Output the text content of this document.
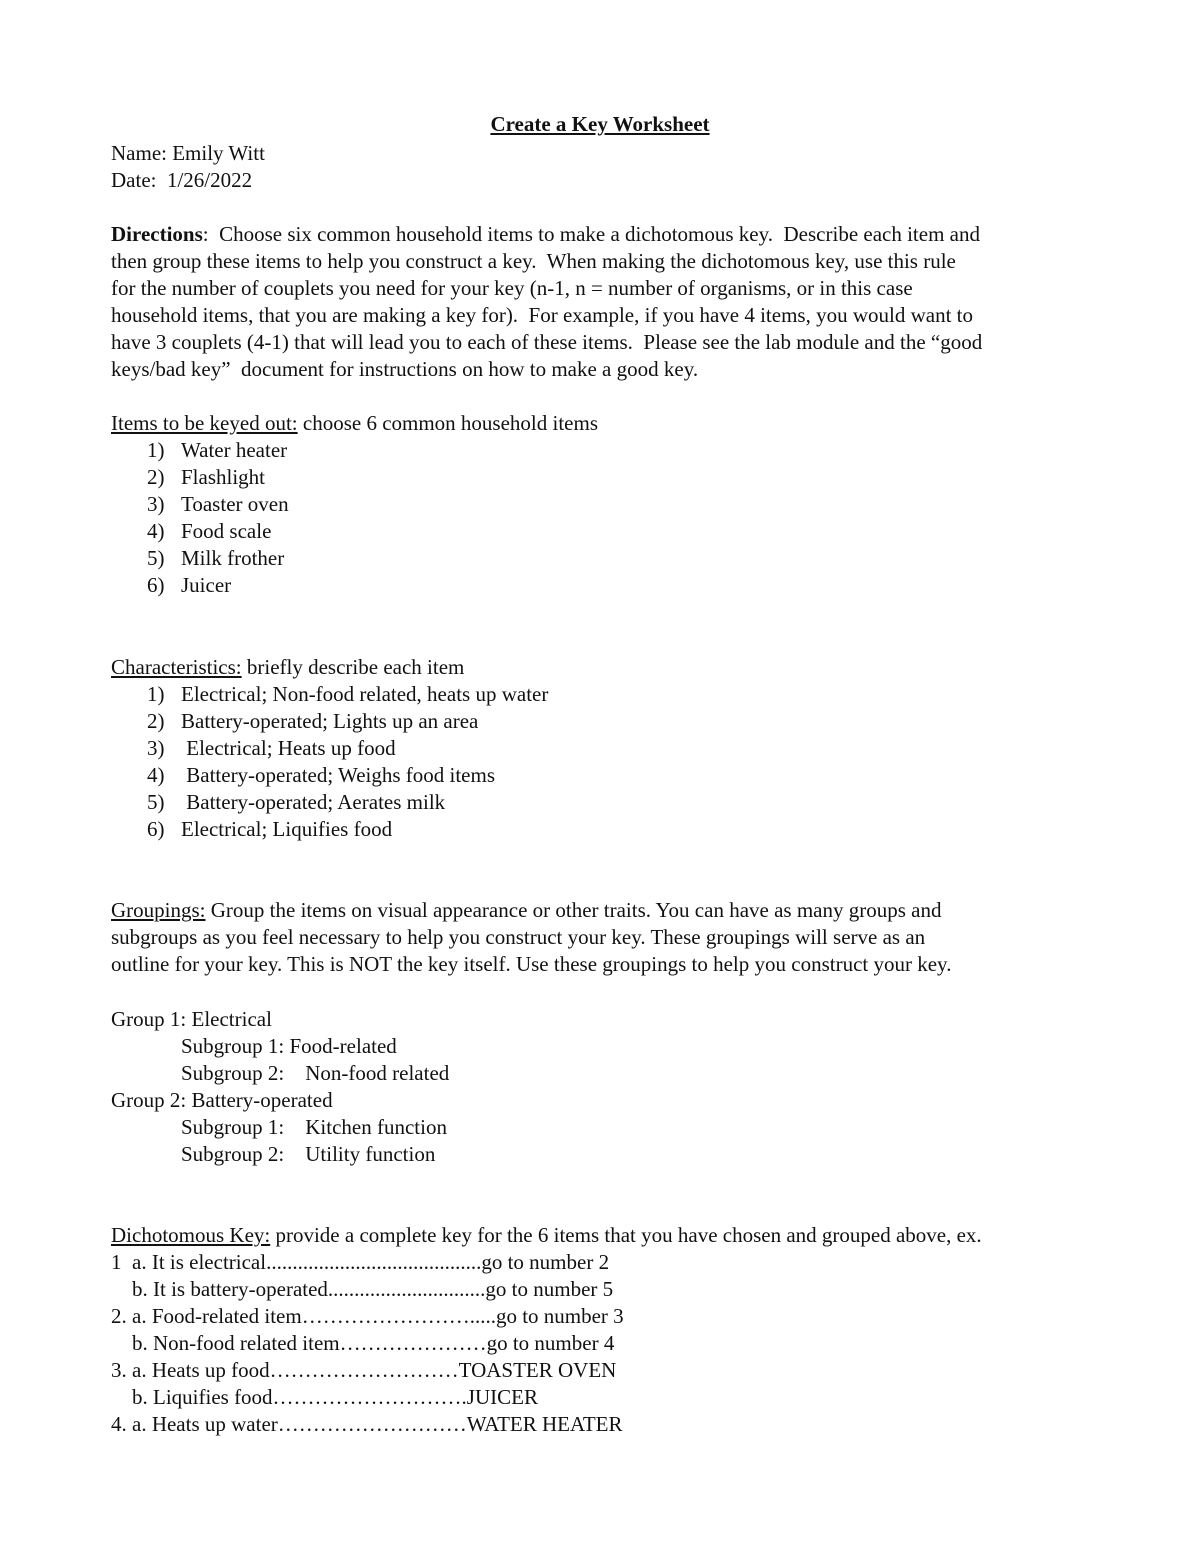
Create a Key Worksheet
Name: Emily Witt
Date:  1/26/2022
Directions:  Choose six common household items to make a dichotomous key.  Describe each item and
then group these items to help you construct a key.  When making the dichotomous key, use this rule
for the number of couplets you need for your key (n-1, n = number of organisms, or in this case
household items, that you are making a key for).  For example, if you have 4 items, you would want to
have 3 couplets (4-1) that will lead you to each of these items.  Please see the lab module and the “good
keys/bad key”  document for instructions on how to make a good key.
Items to be keyed out: choose 6 common household items
1) Water heater
2) Flashlight
3) Toaster oven
4) Food scale
5) Milk frother
6) Juicer
Characteristics: briefly describe each item
1) Electrical; Non-food related, heats up water
2) Battery-operated; Lights up an area
3) Electrical; Heats up food
4) Battery-operated; Weighs food items
5) Battery-operated; Aerates milk
6) Electrical; Liquifies food
Groupings: Group the items on visual appearance or other traits. You can have as many groups and
subgroups as you feel necessary to help you construct your key. These groupings will serve as an
outline for your key. This is NOT the key itself. Use these groupings to help you construct your key.
Group 1: Electrical
Subgroup 1: Food-related
Subgroup 2:    Non-food related
Group 2: Battery-operated
Subgroup 1:    Kitchen function
Subgroup 2:    Utility function
Dichotomous Key: provide a complete key for the 6 items that you have chosen and grouped above, ex.
1  a. It is electrical.........................................go to number 2
b. It is battery-operated..............................go to number 5
2. a. Food-related item…………………….....go to number 3
b. Non-food related item…………………go to number 4
3. a. Heats up food………………………TOASTER OVEN
b. Liquifies food……………………….JUICER
4. a. Heats up water………………………WATER HEATER
